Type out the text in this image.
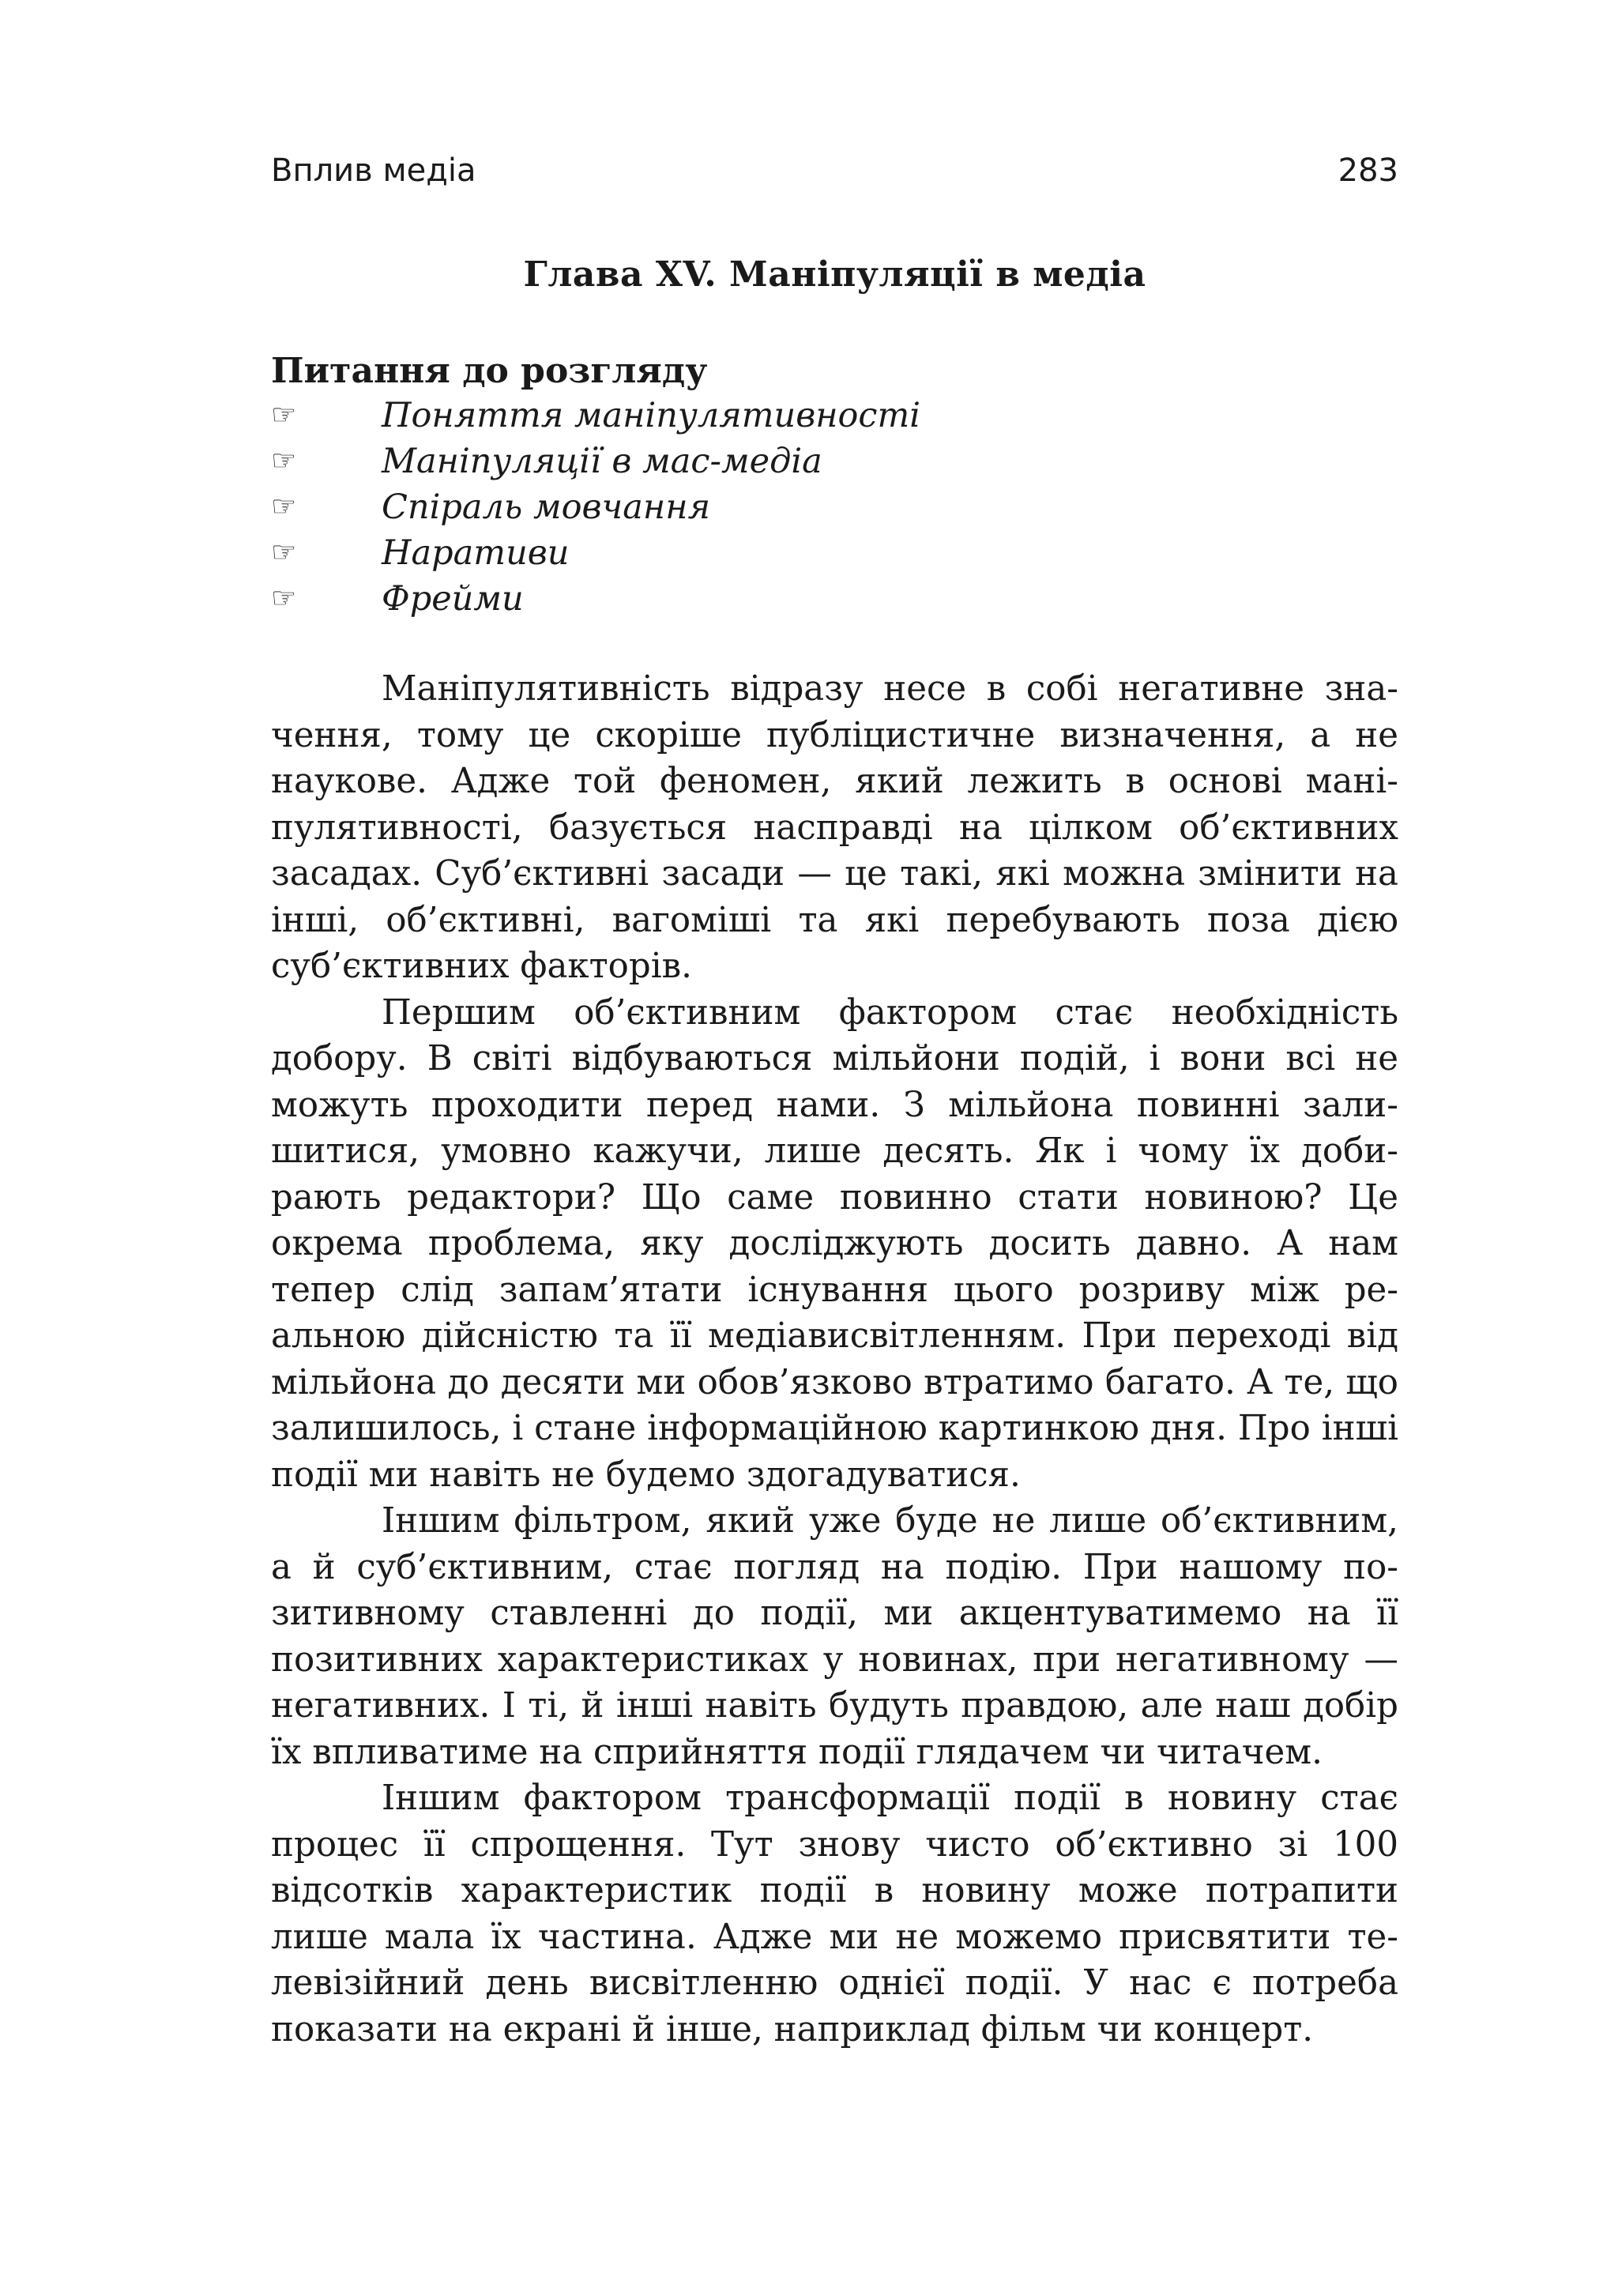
Вплив медіа	283
Глава XV. Маніпуляції в медіа
Питання до розгляду
☞	Поняття маніпулятивності
☞	Маніпуляції в мас-медіа
☞	Спіраль мовчання
☞	Наративи
☞	Фрейми

Маніпулятивність відразу несе в собі негативне значення, тому це скоріше публіцистичне визначення, а не наукове. Адже той феномен, який лежить в основі маніпулятивності, базується насправді на цілком об’єктивних засадах. Суб’єктивні засади — це такі, які можна змінити на інші, об’єктивні, вагоміші та які перебувають поза дією суб’єктивних факторів.

Першим об’єктивним фактором стає необхідність добору. В світі відбуваються мільйони подій, і вони всі не можуть проходити перед нами. З мільйона повинні залишитися, умовно кажучи, лише десять. Як і чому їх добирають редактори? Що саме повинно стати новиною? Це окрема проблема, яку досліджують досить давно. А нам тепер слід запам’ятати існування цього розриву між реальною дійсністю та її медіависвітленням. При переході від мільйона до десяти ми обов’язково втратимо багато. А те, що залишилось, і стане інформаційною картинкою дня. Про інші події ми навіть не будемо здогадуватися.

Іншим фільтром, який уже буде не лише об’єктивним, а й суб’єктивним, стає погляд на подію. При нашому позитивному ставленні до події, ми акцентуватимемо на її позитивних характеристиках у новинах, при негативному — негативних. І ті, й інші навіть будуть правдою, але наш добір їх впливатиме на сприйняття події глядачем чи читачем.

Іншим фактором трансформації події в новину стає процес її спрощення. Тут знову чисто об’єктивно зі 100 відсотків характеристик події в новину може потрапити лише мала їх частина. Адже ми не можемо присвятити телевізійний день висвітленню однієї події. У нас є потреба показати на екрані й інше, наприклад фільм чи концерт.
